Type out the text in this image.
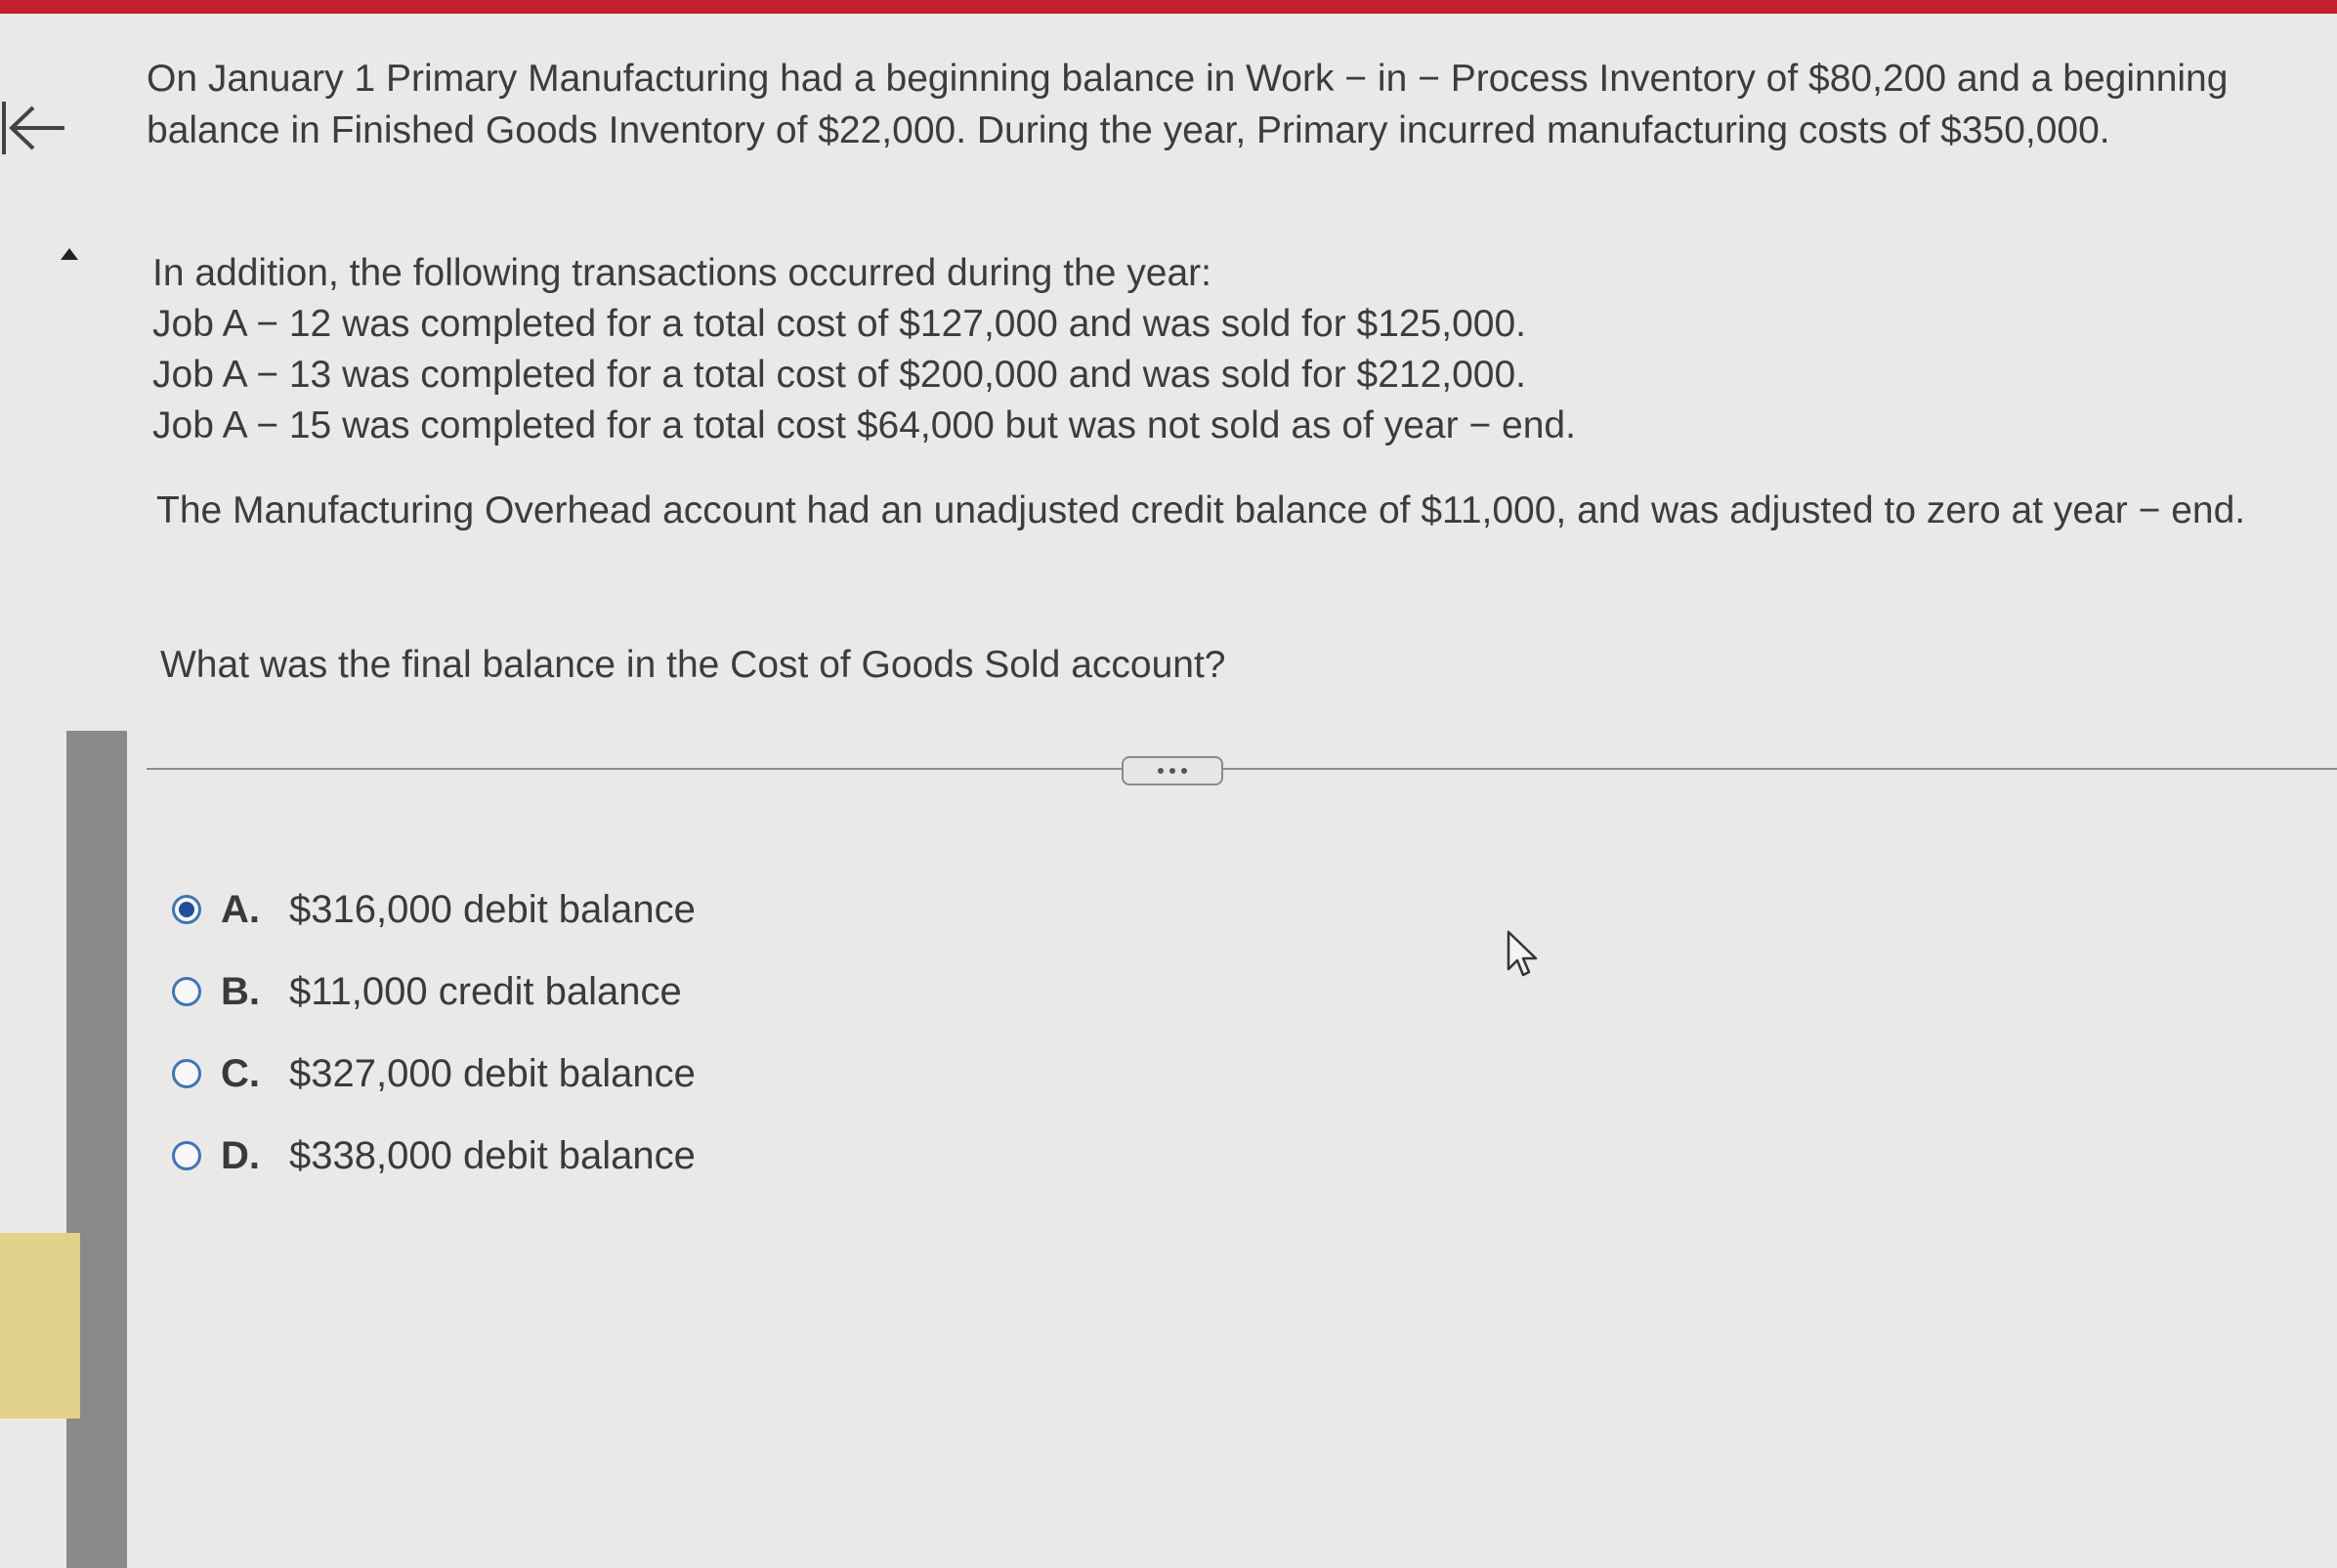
On January 1 Primary Manufacturing had a beginning balance in Work − in − Process Inventory of $80,200 and a beginning balance in Finished Goods Inventory of $22,000. During the year, Primary incurred manufacturing costs of $350,000.

In addition, the following transactions occurred during the year:

Job A − 12 was completed for a total cost of $127,000 and was sold for $125,000.

Job A − 13 was completed for a total cost of $200,000 and was sold for $212,000.

Job A − 15 was completed for a total cost $64,000 but was not sold as of year − end.

The Manufacturing Overhead account had an unadjusted credit balance of $11,000, and was adjusted to zero at year − end.

What was the final balance in the Cost of Goods Sold account?

A. $316,000 debit balance
B. $11,000 credit balance
C. $327,000 debit balance
D. $338,000 debit balance
